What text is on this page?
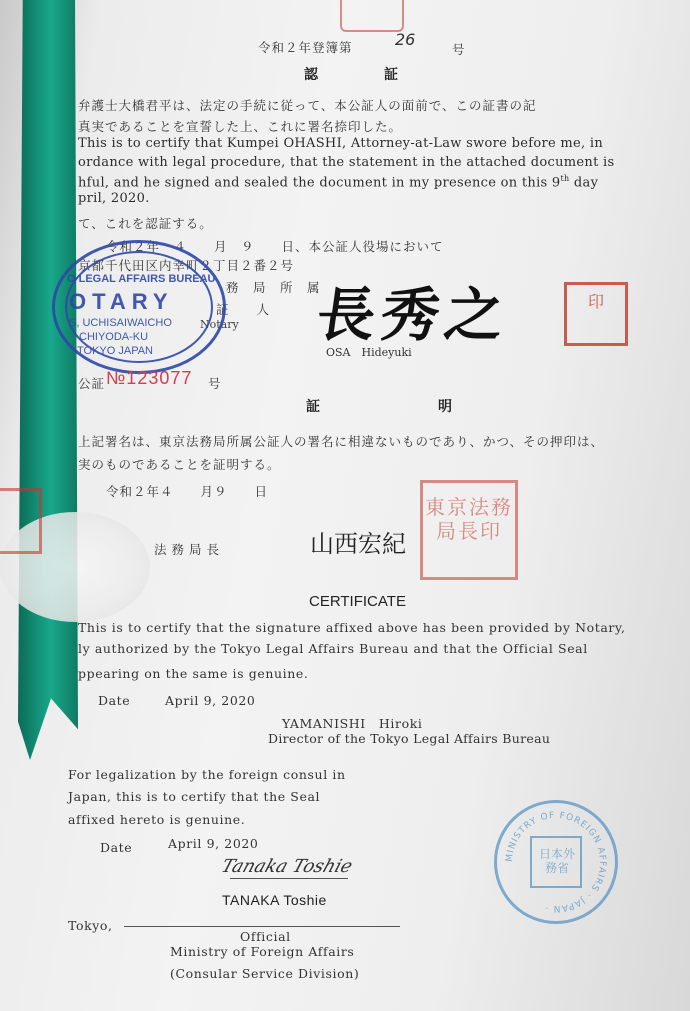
令和２年登簿第	26
号
認　証
弁護士大橋君平は、法定の手続に従って、本公証人の面前で、この証書の記
真実であることを宣誓した上、これに署名捺印した。
This is to certify that Kumpei OHASHI, Attorney-at-Law swore before me, in
ordance with legal procedure, that the statement in the attached document is
hful, and he signed and sealed the document in my presence on this 9th day
pril, 2020.
て、これを認証する。
令和２年　４　　月　９　　日、本公証人役場において
京都千代田区内幸町２丁目２番２号
務　局　所　属
証　　人
Notary
O LEGAL AFFAIRS BUREAU
OTARY
S, UCHISAIWAICHO
CHIYODA-KU
TOKYO JAPAN
長秀之
OSA　Hideyuki
印
公証 №123077 号
証　　明
上記署名は、東京法務局所属公証人の署名に相違ないものであり、かつ、その押印は、
実のものであることを証明する。
令和２年４　　月９　　日
法務局長	山西宏紀
東京法務局長印
CERTIFICATE
This is to certify that the signature affixed above has been provided by Notary,
ly authorized by the Tokyo Legal Affairs Bureau and that the Official Seal
ppearing on the same is genuine.
Date	April 9, 2020
YAMANISHI　Hiroki
Director of the Tokyo Legal Affairs Bureau
For legalization by the foreign consul in
Japan, this is to certify that the Seal
affixed hereto is genuine.
Date	April 9, 2020
Tanaka Toshie
TANAKA Toshie
Tokyo,
Official
Ministry of Foreign Affairs
(Consular Service Division)
MINISTRY OF FOREIGN AFFAIRS · JAPAN ·
日本外務省
